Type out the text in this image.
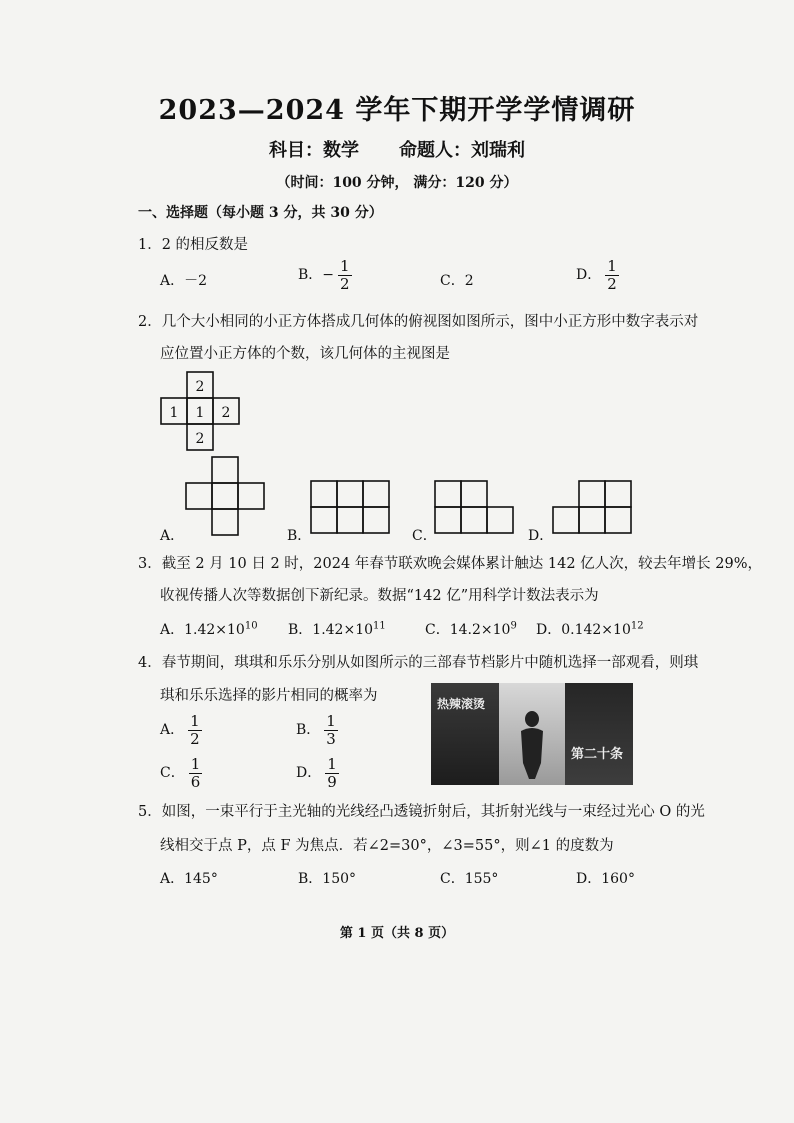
2023—2024 学年下期开学学情调研
科目：数学 命题人：刘瑞利
（时间：100 分钟， 满分：120 分）
一、选择题（每小题 3 分，共 30 分）
1．2 的相反数是
A．－2	B．− $\frac{1}{2}$	C．2	D． $\frac{1}{2}$
2．几个大小相同的小正方体搭成几何体的俯视图如图所示，图中小正方形中数字表示对
应位置小正方体的个数，该几何体的主视图是
2
1 1 2
2
A．	B．	C．	D．
3．截至 2 月 10 日 2 时，2024 年春节联欢晚会媒体累计触达 142 亿人次，较去年增长 29%，
收视传播人次等数据创下新纪录。数据“142 亿”用科学计数法表示为
A．$1.42\times 10^{10}$ B．$1.42\times 10^{11}$	C．$14.2\times 10^9$ D．$0.142\times 10^{12}$
4．春节期间，琪琪和乐乐分别从如图所示的三部春节档影片中随机选择一部观看，则琪
琪和乐乐选择的影片相同的概率为
A． $\frac{1}{2}$	B． $\frac{1}{3}$
C． $\frac{1}{6}$	D． $\frac{1}{9}$
热辣滚烫
第二十条
5．如图，一束平行于主光轴的光线经凸透镜折射后，其折射光线与一束经过光心 O 的光
线相交于点 P，点 F 为焦点．若∠2=30°，∠3=55°，则∠1 的度数为
A．145°	B．150°	C．155°	D．160°
第 1 页（共 8 页）
